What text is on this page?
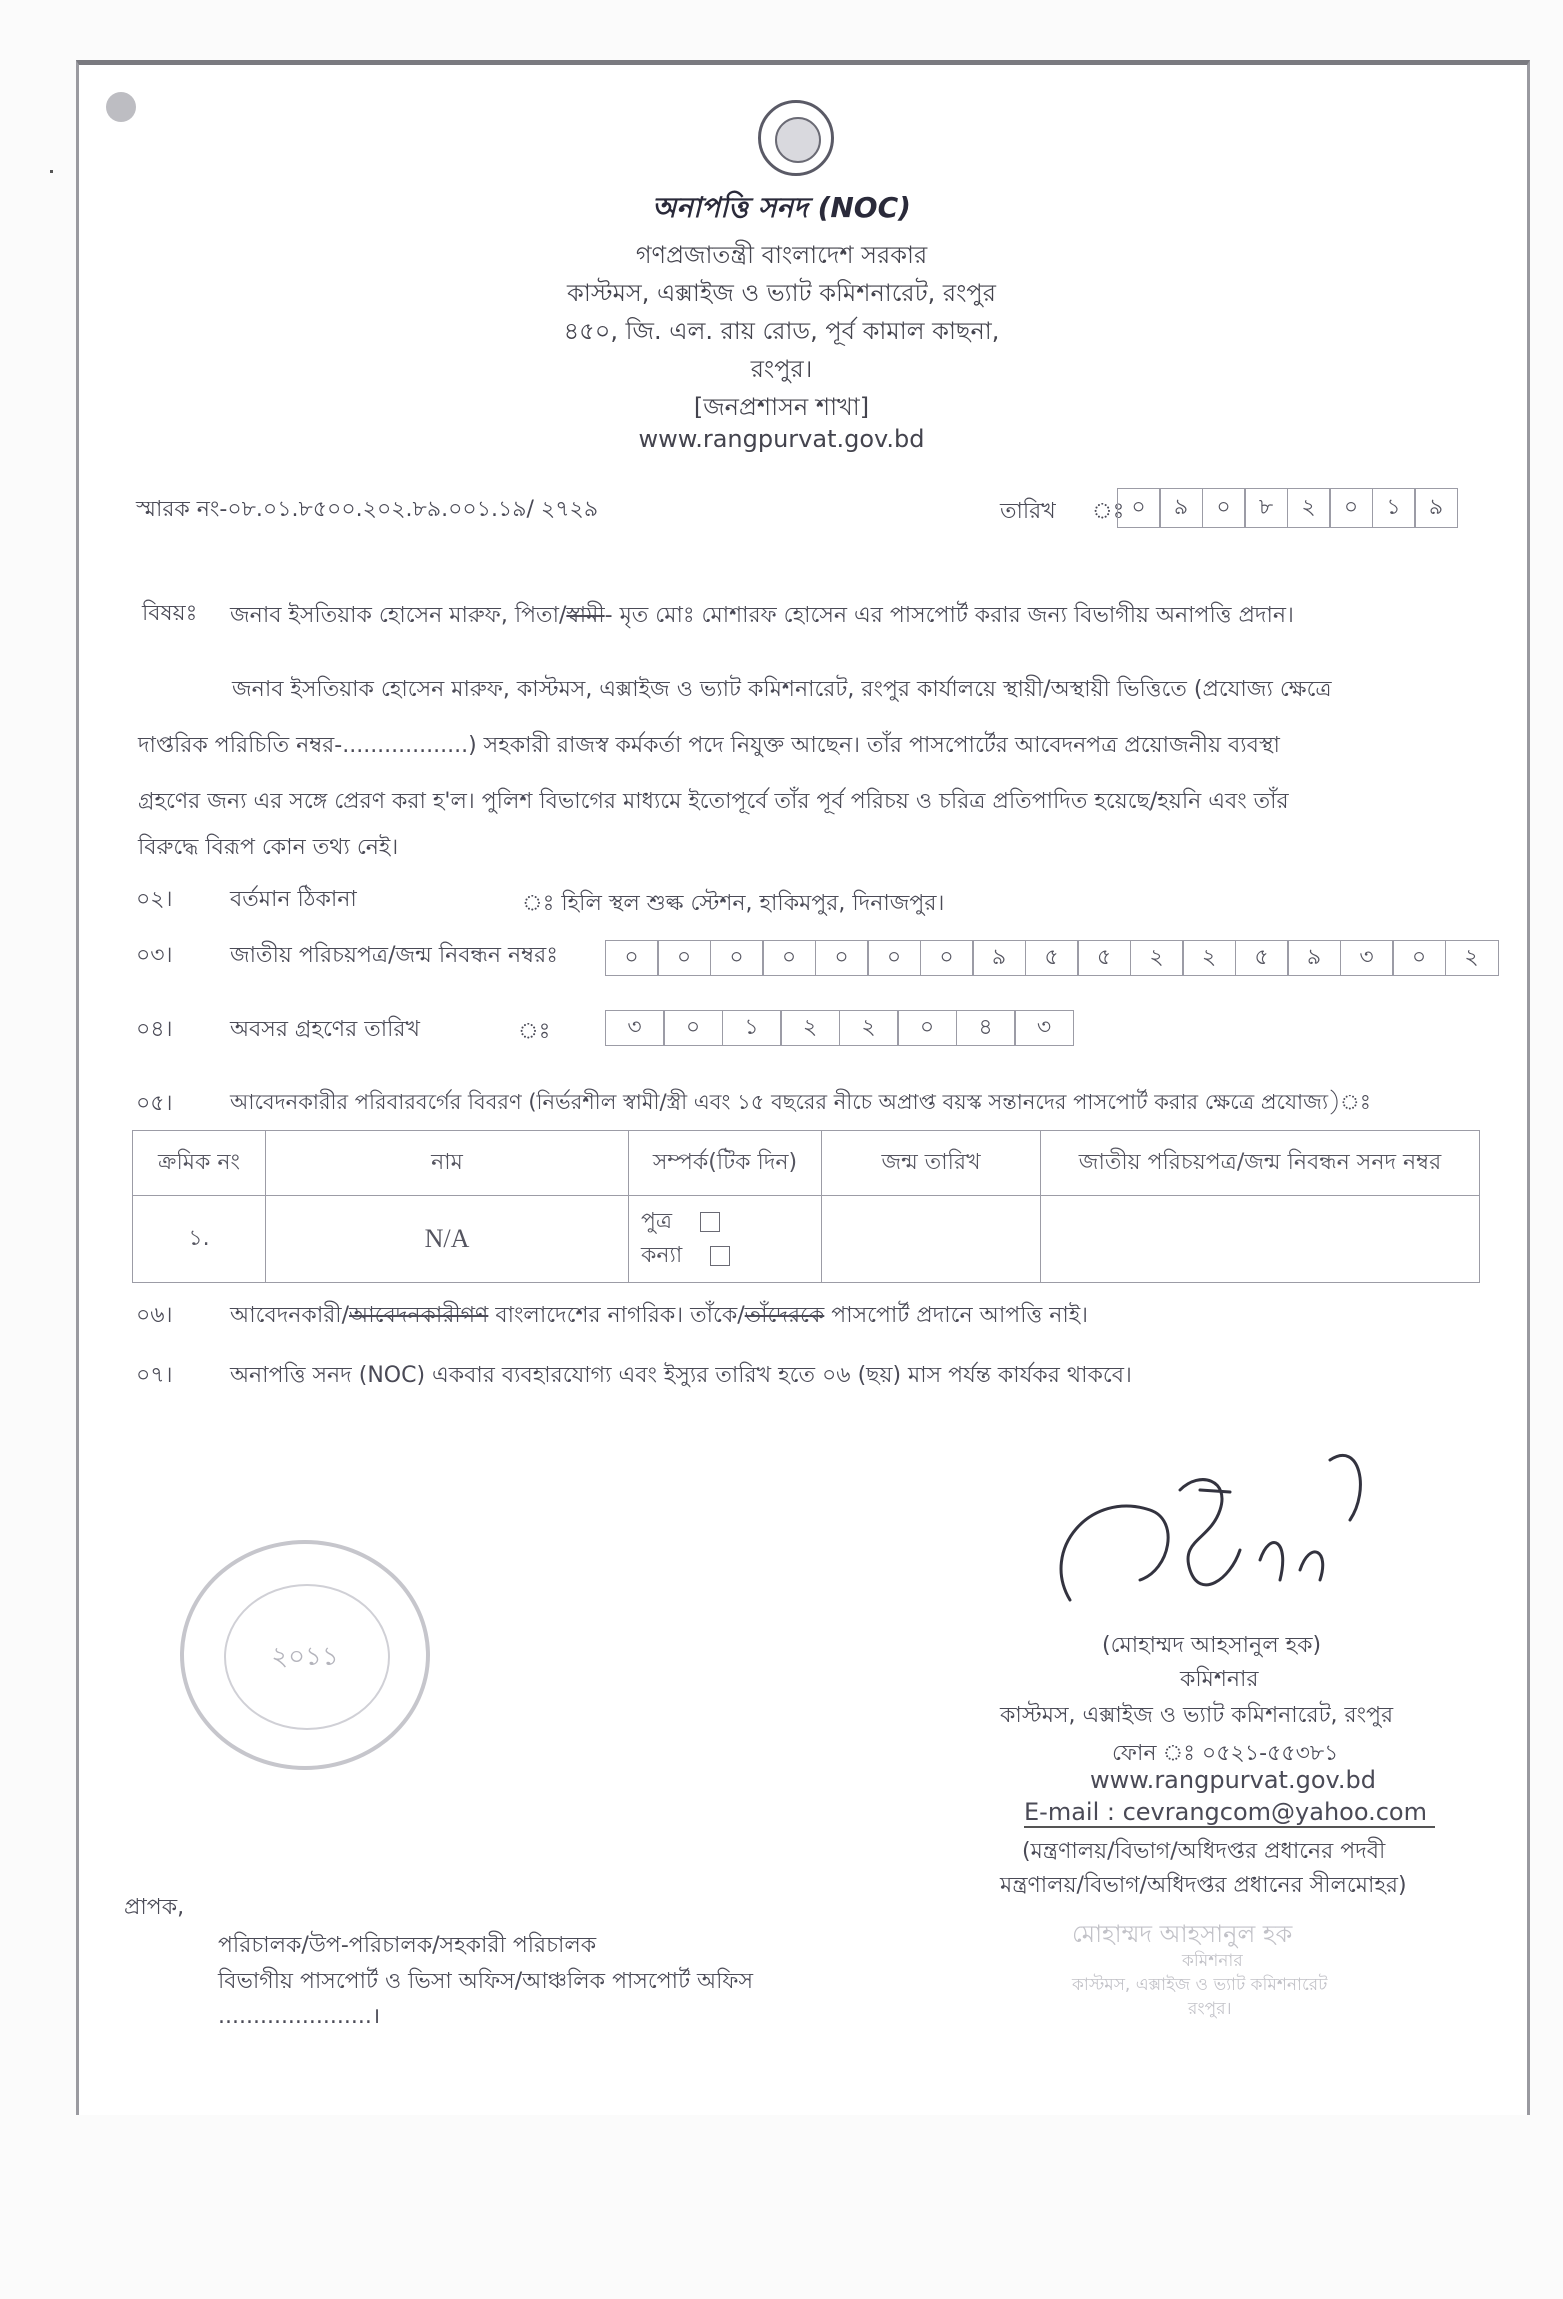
অনাপত্তি সনদ (NOC)
গণপ্রজাতন্ত্রী বাংলাদেশ সরকার
কাস্টমস, এক্সাইজ ও ভ্যাট কমিশনারেট, রংপুর
৪৫০, জি. এল. রায় রোড, পূর্ব কামাল কাছনা,
রংপুর।
[জনপ্রশাসন শাখা]
www.rangpurvat.gov.bd
স্মারক নং-০৮.০১.৮৫০০.২০২.৮৯.০০১.১৯/ ২৭২৯	তারিখ ঃ ০	৯	০	৮	২	০	১	৯
বিষয়ঃ জনাব ইসতিয়াক হোসেন মারুফ, পিতা/স্বামী- মৃত মোঃ মোশারফ হোসেন এর পাসপোর্ট করার জন্য বিভাগীয় অনাপত্তি প্রদান।
জনাব ইসতিয়াক হোসেন মারুফ, কাস্টমস, এক্সাইজ ও ভ্যাট কমিশনারেট, রংপুর কার্যালয়ে স্থায়ী/অস্থায়ী ভিত্তিতে (প্রযোজ্য ক্ষেত্রে
দাপ্তরিক পরিচিতি নম্বর-..................) সহকারী রাজস্ব কর্মকর্তা পদে নিযুক্ত আছেন। তাঁর পাসপোর্টের আবেদনপত্র প্রয়োজনীয় ব্যবস্থা
গ্রহণের জন্য এর সঙ্গে প্রেরণ করা হ'ল। পুলিশ বিভাগের মাধ্যমে ইতোপূর্বে তাঁর পূর্ব পরিচয় ও চরিত্র প্রতিপাদিত হয়েছে/হয়নি এবং তাঁর
বিরুদ্ধে বিরূপ কোন তথ্য নেই।
০২।	বর্তমান ঠিকানা	ঃ হিলি স্থল শুল্ক স্টেশন, হাকিমপুর, দিনাজপুর।
০৩।	জাতীয় পরিচয়পত্র/জন্ম নিবন্ধন নম্বরঃ	০	০	০	০	০	০	০	৯	৫	৫	২	২	৫	৯	৩	০	২
০৪।	অবসর গ্রহণের তারিখ	ঃ	৩	০	১	২	২	০	৪	৩
০৫।	আবেদনকারীর পরিবারবর্গের বিবরণ (নির্ভরশীল স্বামী/স্ত্রী এবং ১৫ বছরের নীচে অপ্রাপ্ত বয়স্ক সন্তানদের পাসপোর্ট করার ক্ষেত্রে প্রযোজ্য)ঃ
ক্রমিক নং	নাম	সম্পর্ক(টিক দিন)	জন্ম তারিখ	জাতীয় পরিচয়পত্র/জন্ম নিবন্ধন সনদ নম্বর
১.	N/A	পুত্র
কন্যা		

০৬।	আবেদনকারী/আবেদনকারীগণ বাংলাদেশের নাগরিক। তাঁকে/তাঁদেরকে পাসপোর্ট প্রদানে আপত্তি নাই।
০৭।	অনাপত্তি সনদ (NOC) একবার ব্যবহারযোগ্য এবং ইস্যুর তারিখ হতে ০৬ (ছয়) মাস পর্যন্ত কার্যকর থাকবে।
২০১১	(মোহাম্মদ আহসানুল হক)
কমিশনার
কাস্টমস, এক্সাইজ ও ভ্যাট কমিশনারেট, রংপুর
ফোন ঃ ০৫২১-৫৫৩৮১
www.rangpurvat.gov.bd
E-mail : cevrangcom@yahoo.com
(মন্ত্রণালয়/বিভাগ/অধিদপ্তর প্রধানের পদবী
মন্ত্রণালয়/বিভাগ/অধিদপ্তর প্রধানের সীলমোহর)
মোহাম্মদ আহসানুল হক
কমিশনার
কাস্টমস, এক্সাইজ ও ভ্যাট কমিশনারেট
রংপুর।
প্রাপক,
পরিচালক/উপ-পরিচালক/সহকারী পরিচালক
বিভাগীয় পাসপোর্ট ও ভিসা অফিস/আঞ্চলিক পাসপোর্ট অফিস
......................।
